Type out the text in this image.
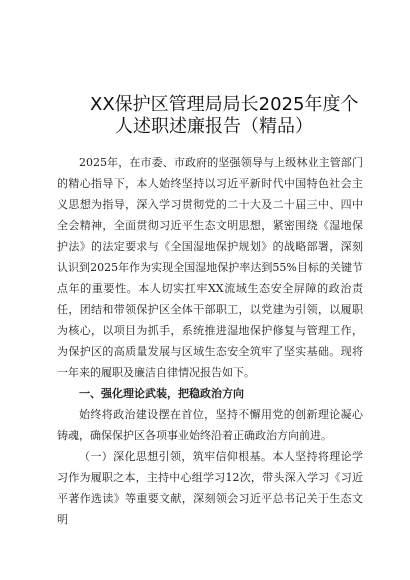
XX保护区管理局局长2025年度个
人述职述廉报告（精品）

2025年，在市委、市政府的坚强领导与上级林业主管部门的精心指导下，本人始终坚持以习近平新时代中国特色社会主义思想为指导，深入学习贯彻党的二十大及二十届三中、四中全会精神，全面贯彻习近平生态文明思想，紧密围绕《湿地保护法》的法定要求与《全国湿地保护规划》的战略部署，深刻认识到2025年作为实现全国湿地保护率达到55%目标的关键节点年的重要性。本人切实扛牢XX流域生态安全屏障的政治责任，团结和带领保护区全体干部职工，以党建为引领，以履职为核心，以项目为抓手，系统推进湿地保护修复与管理工作，为保护区的高质量发展与区域生态安全筑牢了坚实基础。现将一年来的履职及廉洁自律情况报告如下。

一、强化理论武装，把稳政治方向

始终将政治建设摆在首位，坚持不懈用党的创新理论凝心铸魂，确保保护区各项事业始终沿着正确政治方向前进。

（一）深化思想引领，筑牢信仰根基。本人坚持将理论学习作为履职之本，主持中心组学习12次，带头深入学习《习近平著作选读》等重要文献，深刻领会习近平总书记关于生态文明
